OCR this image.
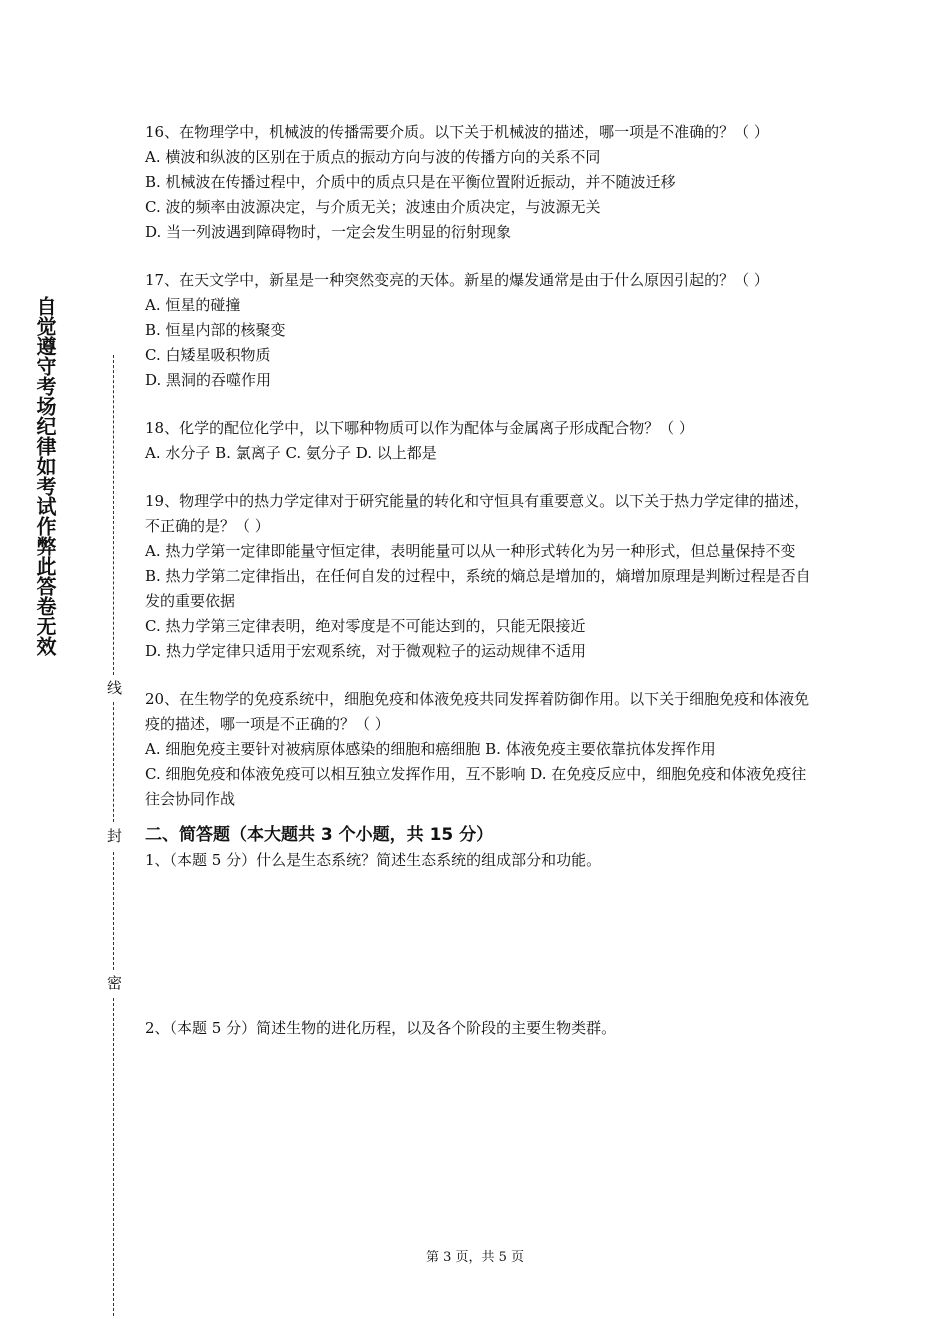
自觉遵守考场纪律如考试作弊此答卷无效
线
封
密

16、在物理学中，机械波的传播需要介质。以下关于机械波的描述，哪一项是不准确的？（ ）

A. 横波和纵波的区别在于质点的振动方向与波的传播方向的关系不同

B. 机械波在传播过程中，介质中的质点只是在平衡位置附近振动，并不随波迁移

C. 波的频率由波源决定，与介质无关；波速由介质决定，与波源无关

D. 当一列波遇到障碍物时，一定会发生明显的衍射现象

17、在天文学中，新星是一种突然变亮的天体。新星的爆发通常是由于什么原因引起的？（ ）

A. 恒星的碰撞

B. 恒星内部的核聚变

C. 白矮星吸积物质

D. 黑洞的吞噬作用

18、化学的配位化学中，以下哪种物质可以作为配体与金属离子形成配合物？（ ）

A. 水分子 B. 氯离子 C. 氨分子 D. 以上都是

19、物理学中的热力学定律对于研究能量的转化和守恒具有重要意义。以下关于热力学定律的描述，不正确的是？（ ）

A. 热力学第一定律即能量守恒定律，表明能量可以从一种形式转化为另一种形式，但总量保持不变

B. 热力学第二定律指出，在任何自发的过程中，系统的熵总是增加的，熵增加原理是判断过程是否自发的重要依据

C. 热力学第三定律表明，绝对零度是不可能达到的，只能无限接近

D. 热力学定律只适用于宏观系统，对于微观粒子的运动规律不适用

20、在生物学的免疫系统中，细胞免疫和体液免疫共同发挥着防御作用。以下关于细胞免疫和体液免疫的描述，哪一项是不正确的？（ ）

A. 细胞免疫主要针对被病原体感染的细胞和癌细胞 B. 体液免疫主要依靠抗体发挥作用

C. 细胞免疫和体液免疫可以相互独立发挥作用，互不影响 D. 在免疫反应中，细胞免疫和体液免疫往往会协同作战

二、简答题（本大题共 3 个小题，共 15 分）

1、（本题 5 分）什么是生态系统？简述生态系统的组成部分和功能。

2、（本题 5 分）简述生物的进化历程，以及各个阶段的主要生物类群。

第 3 页，共 5 页
